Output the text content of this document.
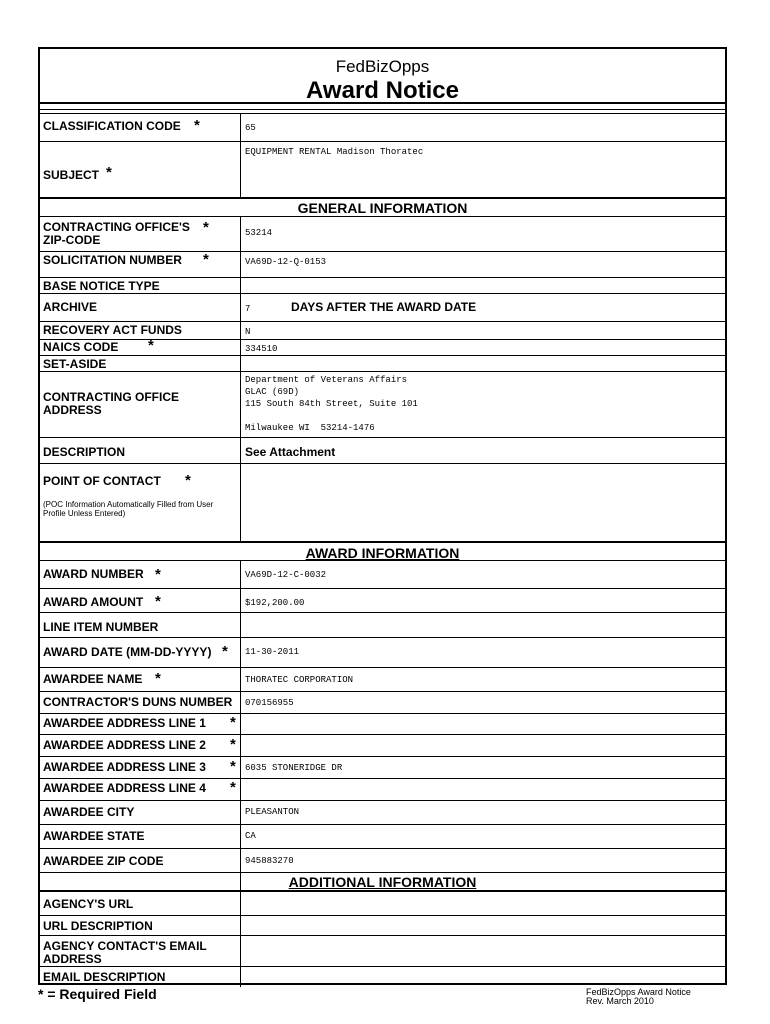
FedBizOpps
Award Notice
CLASSIFICATION CODE *	65
SUBJECT *
EQUIPMENT RENTAL Madison Thoratec
GENERAL INFORMATION
CONTRACTING OFFICE'S ZIP-CODE
*	53214
SOLICITATION NUMBER	*	VA69D-12-Q-0153
BASE NOTICE TYPE
ARCHIVE	7	DAYS AFTER THE AWARD DATE
RECOVERY ACT FUNDS	N
NAICS CODE	*	334510
SET-ASIDE
CONTRACTING OFFICE ADDRESS
Department of Veterans Affairs
GLAC (69D)
115 South 84th Street, Suite 101
Milwaukee WI  53214-1476
DESCRIPTION	See Attachment
POINT OF CONTACT	*
(POC Information Automatically Filled from User Profile Unless Entered)
AWARD INFORMATION
AWARD NUMBER *	VA69D-12-C-0032
AWARD AMOUNT *	$192,200.00
LINE ITEM NUMBER
AWARD DATE (MM-DD-YYYY) * 11-30-2011
AWARDEE NAME *	THORATEC CORPORATION
CONTRACTOR'S DUNS NUMBER	070156955
AWARDEE ADDRESS LINE 1	*
AWARDEE ADDRESS LINE 2	*
AWARDEE ADDRESS LINE 3	* 6035 STONERIDGE DR
AWARDEE ADDRESS LINE 4	*
AWARDEE CITY	PLEASANTON
AWARDEE STATE	CA
AWARDEE ZIP CODE	945883270
ADDITIONAL INFORMATION
AGENCY'S URL
URL DESCRIPTION
AGENCY CONTACT'S EMAIL ADDRESS
EMAIL DESCRIPTION
* = Required Field	FedBizOpps Award Notice
Rev. March 2010
